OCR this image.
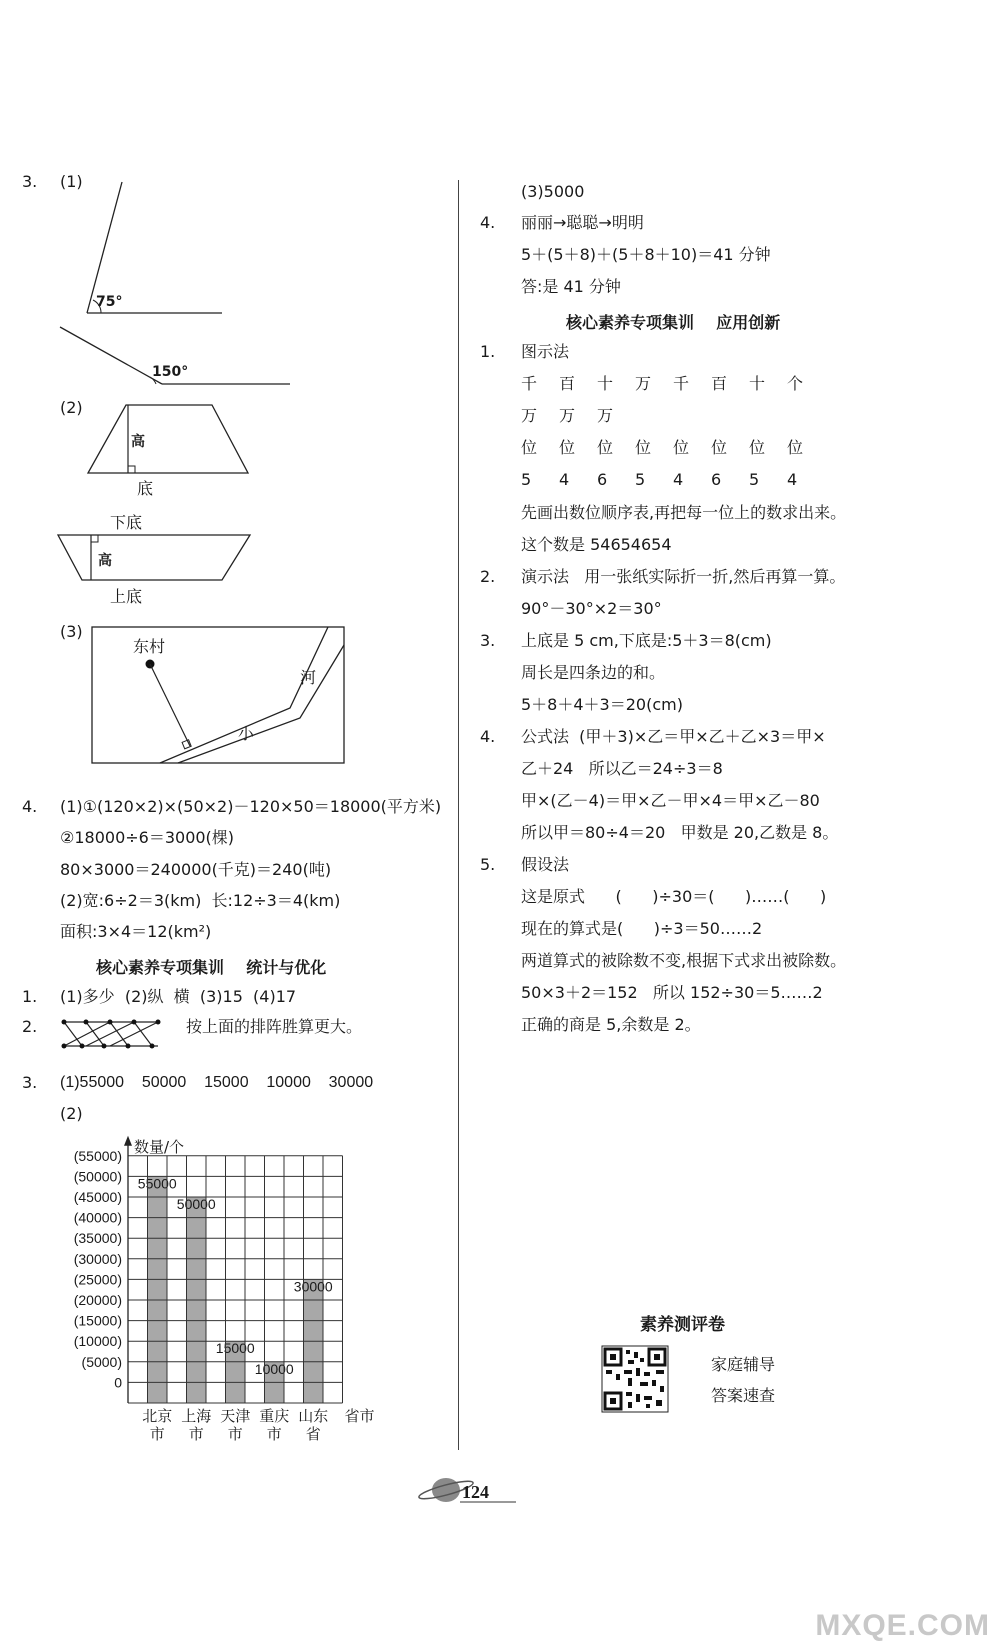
3. (1)
75°
150°
(2)
高
底
下底
高
上底
(3)
东村
河
小
4. (1)①(120×2)×(50×2)－120×50＝18000(平方米)
②18000÷6＝3000(棵)
80×3000＝240000(千克)＝240(吨)
(2)宽:6÷2＝3(km)  长:12÷3＝4(km)
面积:3×4＝12(km²)
核心素养专项集训    统计与优化
1. (1)多少  (2)纵  横  (3)15  (4)17
2.	按上面的排阵胜算更大。
3. (1)55000    50000    15000    10000    30000
(2)
55000
50000
15000
10000
30000
数量/个
(55000)
(50000)
(45000)
(40000)
(35000)
(30000)
(25000)
(20000)
(15000)
(10000)
(5000)
0
北京
市
上海
市
天津
市
重庆
市
山东
省
省市
(3)5000
4. 丽丽→聪聪→明明
5＋(5＋8)＋(5＋8＋10)＝41 分钟
答:是 41 分钟
核心素养专项集训    应用创新
1. 图示法
千 百 十 万 千 百 十 个
万 万 万
位 位 位 位 位 位 位 位
5 4 6 5 4 6 5 4
先画出数位顺序表,再把每一位上的数求出来。
这个数是 54654654
2. 演示法   用一张纸实际折一折,然后再算一算。
90°－30°×2＝30°
3. 上底是 5 cm,下底是:5＋3＝8(cm)
周长是四条边的和。
5＋8＋4＋3＝20(cm)
4. 公式法  (甲＋3)×乙＝甲×乙＋乙×3＝甲×
乙＋24   所以乙＝24÷3＝8
甲×(乙－4)＝甲×乙－甲×4＝甲×乙－80
所以甲＝80÷4＝20   甲数是 20,乙数是 8。
5. 假设法
这是原式      (      )÷30＝(      )……(      )
现在的算式是(      )÷3＝50……2
两道算式的被除数不变,根据下式求出被除数。
50×3＋2＝152   所以 152÷30＝5……2
正确的商是 5,余数是 2。
素养测评卷
家庭辅导
答案速查
124
MXQE.COM
